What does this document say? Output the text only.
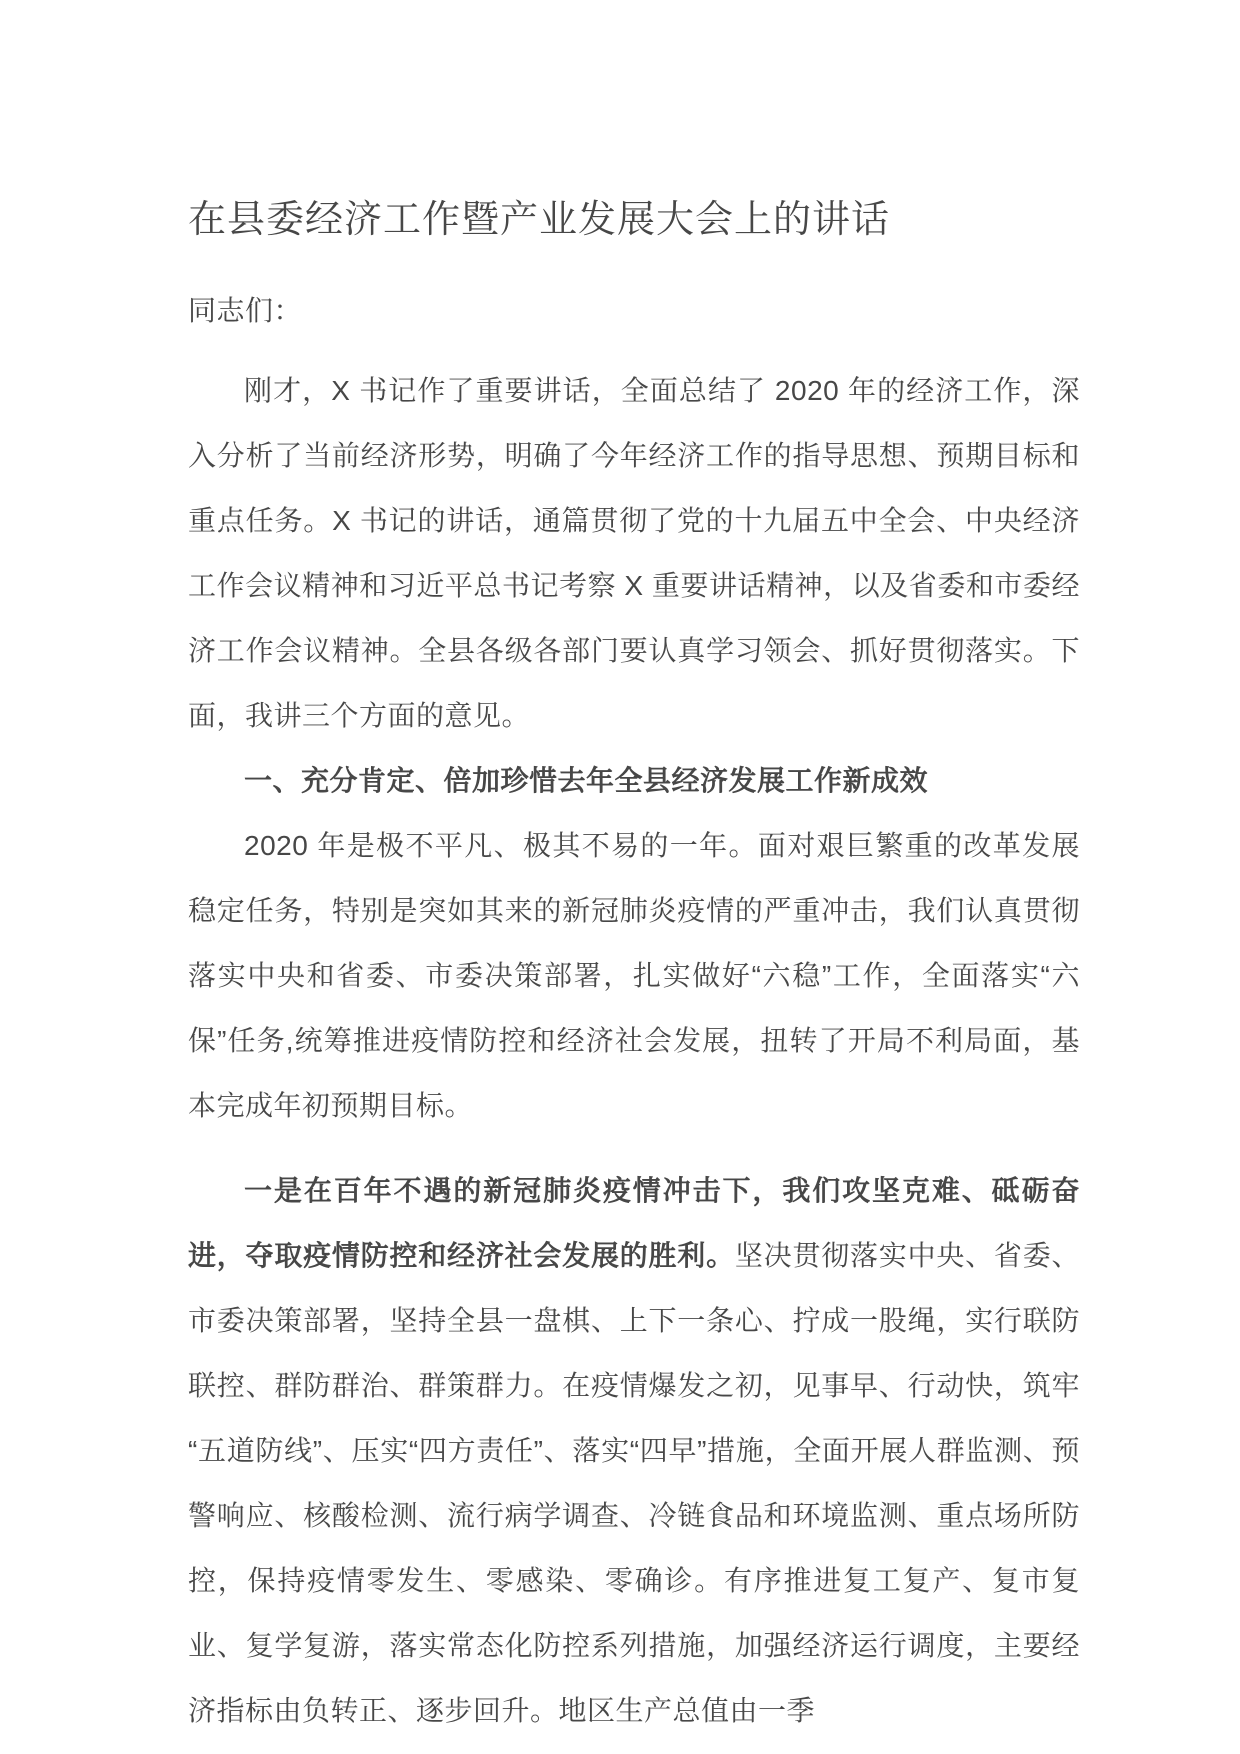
在县委经济工作暨产业发展大会上的讲话

同志们：

刚才，X 书记作了重要讲话，全面总结了 2020 年的经济工作，深入分析了当前经济形势，明确了今年经济工作的指导思想、预期目标和重点任务。X 书记的讲话，通篇贯彻了党的十九届五中全会、中央经济工作会议精神和习近平总书记考察 X 重要讲话精神，以及省委和市委经济工作会议精神。全县各级各部门要认真学习领会、抓好贯彻落实。下面，我讲三个方面的意见。

一、充分肯定、倍加珍惜去年全县经济发展工作新成效

2020 年是极不平凡、极其不易的一年。面对艰巨繁重的改革发展稳定任务，特别是突如其来的新冠肺炎疫情的严重冲击，我们认真贯彻落实中央和省委、市委决策部署，扎实做好“六稳”工作，全面落实“六保”任务,统筹推进疫情防控和经济社会发展，扭转了开局不利局面，基本完成年初预期目标。

一是在百年不遇的新冠肺炎疫情冲击下，我们攻坚克难、砥砺奋进，夺取疫情防控和经济社会发展的胜利。坚决贯彻落实中央、省委、市委决策部署，坚持全县一盘棋、上下一条心、拧成一股绳，实行联防联控、群防群治、群策群力。在疫情爆发之初，见事早、行动快，筑牢 “五道防线”、压实“四方责任”、落实“四早”措施，全面开展人群监测、预警响应、核酸检测、流行病学调查、冷链食品和环境监测、重点场所防控，保持疫情零发生、零感染、零确诊。有序推进复工复产、复市复业、复学复游，落实常态化防控系列措施，加强经济运行调度，主要经济指标由负转正、逐步回升。地区生产总值由一季
